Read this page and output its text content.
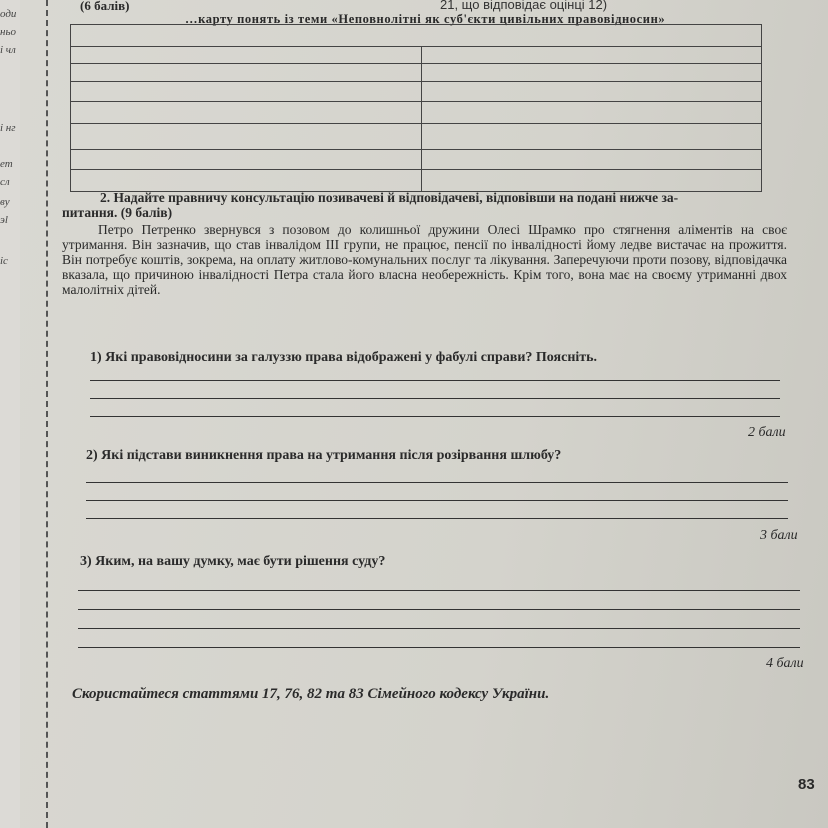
оди
ньо
і чл
і нг
ет
сл
ву
эl
іс
(6 балів)	21, що відповідає оцінці 12)
…карту понять із теми «Неповнолітні як суб'єкти цивільних правовідносин»
2. Надайте правничу консультацію позивачеві й відповідачеві, відповівши на подані нижче за-
питання. (9 балів)
Петро Петренко звернувся з позовом до колишньої дружини Олесі Шрамко про стягнення аліментів на своє утримання. Він зазначив, що став інвалідом ІІІ групи, не працює, пенсії по інвалідності йому ледве вистачає на прожиття. Він потребує коштів, зокрема, на оплату житлово-комунальних послуг та лікування. Заперечуючи проти позову, відповідачка вказала, що причиною інвалідності Петра стала його власна необережність. Крім того, вона має на своєму утриманні двох малолітніх дітей.
1) Які правовідносини за галуззю права відображені у фабулі справи? Поясніть.
2 бали
2) Які підстави виникнення права на утримання після розірвання шлюбу?
3 бали
3) Яким, на вашу думку, має бути рішення суду?
4 бали
Скористайтеся статтями 17, 76, 82 та 83 Сімейного кодексу України.
83
